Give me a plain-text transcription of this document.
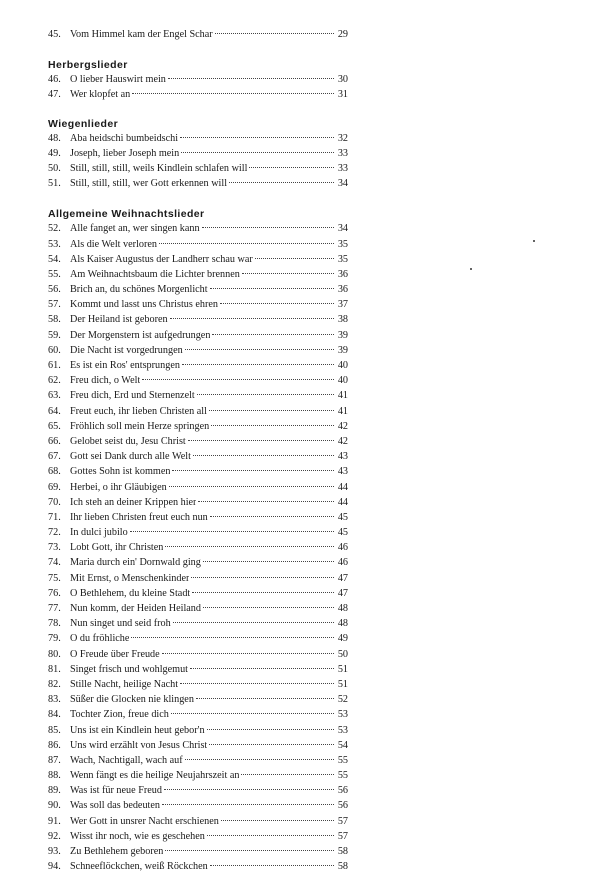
45. Vom Himmel kam der Engel Schar	29
Herbergslieder
46. O lieber Hauswirt mein	30
47. Wer klopfet an	31
Wiegenlieder
48. Aba heidschi bumbeidschi	32
49. Joseph, lieber Joseph mein	33
50. Still, still, still, weils Kindlein schlafen will	33
51. Still, still, still, wer Gott erkennen will	34
Allgemeine Weihnachtslieder
52. Alle fanget an, wer singen kann	34
53. Als die Welt verloren	35
54. Als Kaiser Augustus der Landherr schau war	35
55. Am Weihnachtsbaum die Lichter brennen	36
56. Brich an, du schönes Morgenlicht	36
57. Kommt und lasst uns Christus ehren	37
58. Der Heiland ist geboren	38
59. Der Morgenstern ist aufgedrungen	39
60. Die Nacht ist vorgedrungen	39
61. Es ist ein Ros' entsprungen	40
62. Freu dich, o Welt	40
63. Freu dich, Erd und Sternenzelt	41
64. Freut euch, ihr lieben Christen all	41
65. Fröhlich soll mein Herze springen	42
66. Gelobet seist du, Jesu Christ	42
67. Gott sei Dank durch alle Welt	43
68. Gottes Sohn ist kommen	43
69. Herbei, o ihr Gläubigen	44
70. Ich steh an deiner Krippen hier	44
71. Ihr lieben Christen freut euch nun	45
72. In dulci jubilo	45
73. Lobt Gott, ihr Christen	46
74. Maria durch ein' Dornwald ging	46
75. Mit Ernst, o Menschenkinder	47
76. O Bethlehem, du kleine Stadt	47
77. Nun komm, der Heiden Heiland	48
78. Nun singet und seid froh	48
79. O du fröhliche	49
80. O Freude über Freude	50
81. Singet frisch und wohlgemut	51
82. Stille Nacht, heilige Nacht	51
83. Süßer die Glocken nie klingen	52
84. Tochter Zion, freue dich	53
85. Uns ist ein Kindlein heut gebor'n	53
86. Uns wird erzählt von Jesus Christ	54
87. Wach, Nachtigall, wach auf	55
88. Wenn fängt es die heilige Neujahrszeit an	55
89. Was ist für neue Freud	56
90. Was soll das bedeuten	56
91. Wer Gott in unsrer Nacht erschienen	57
92. Wisst ihr noch, wie es geschehen	57
93. Zu Bethlehem geboren	58
94. Schneeflöckchen, weiß Röckchen	58
